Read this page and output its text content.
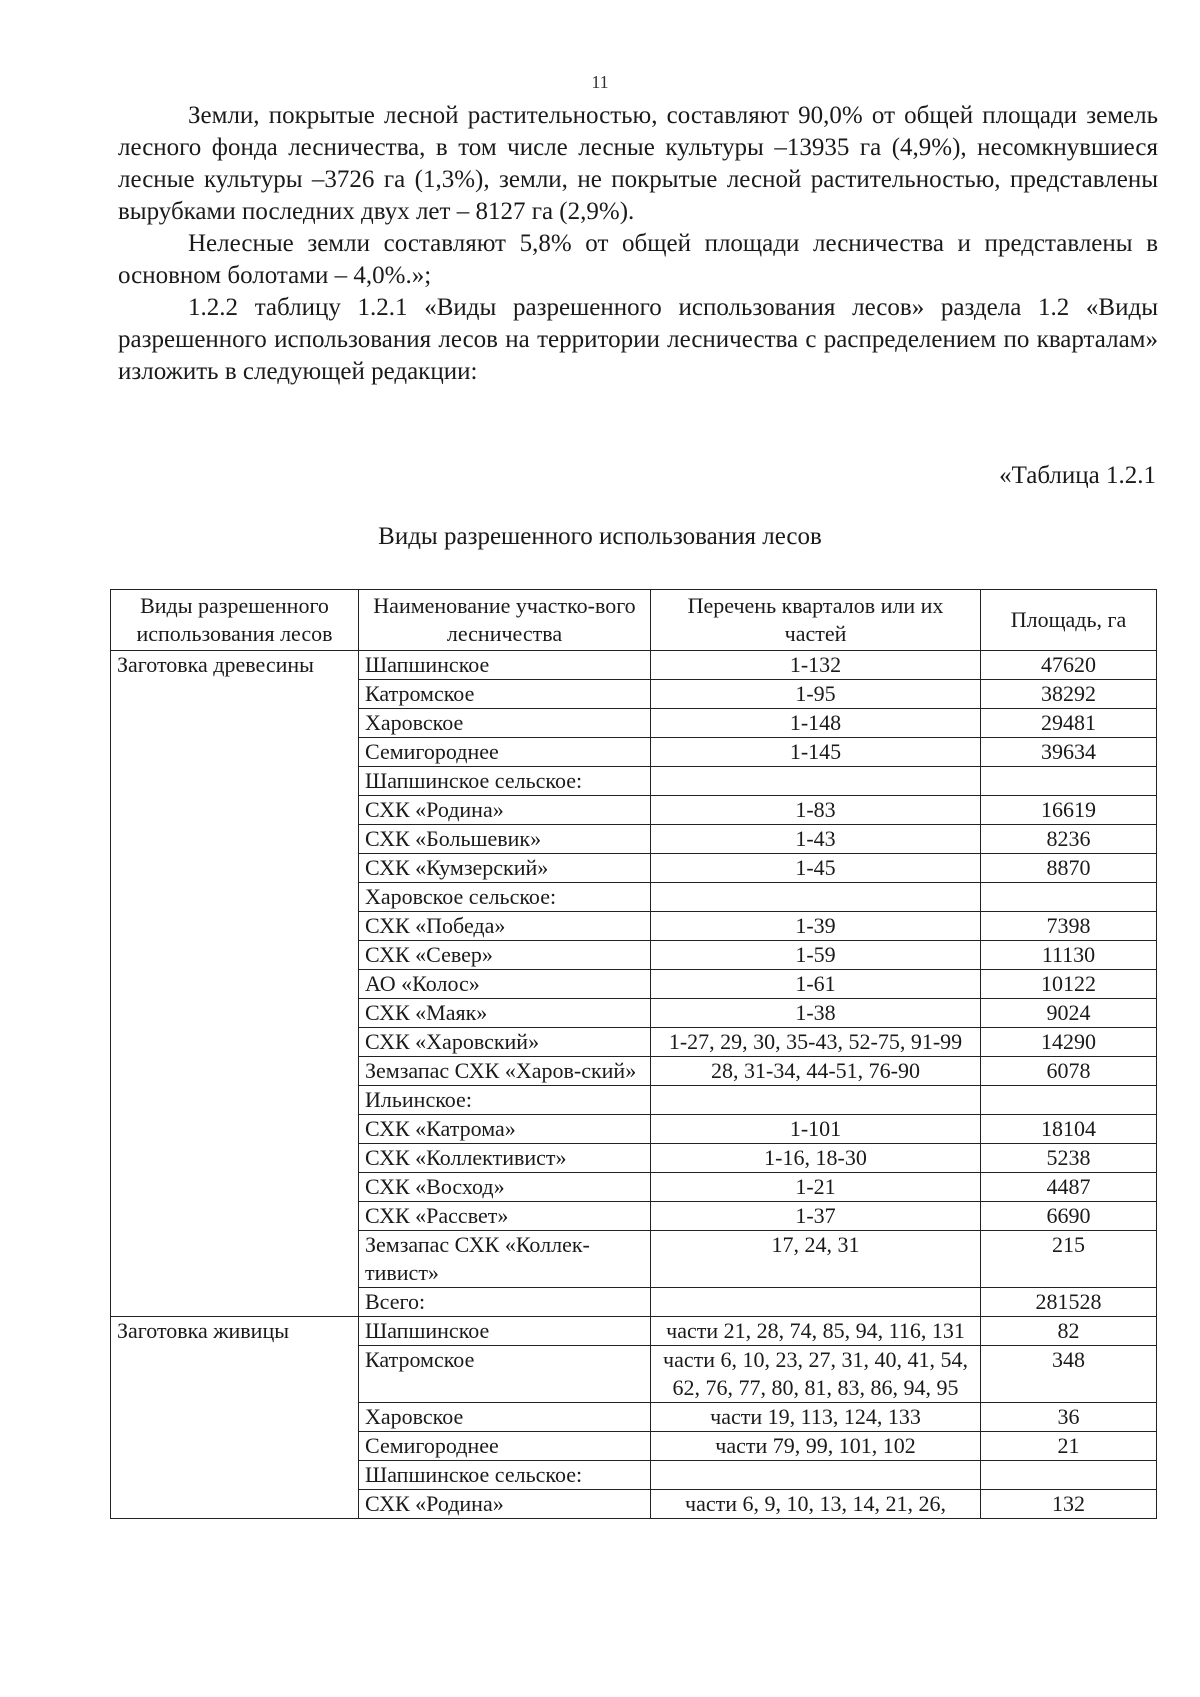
11

Земли, покрытые лесной растительностью, составляют 90,0% от общей площади земель лесного фонда лесничества, в том числе лесные культуры –13935 га (4,9%), несомкнувшиеся лесные культуры –3726 га (1,3%), земли, не покрытые лесной растительностью, представлены вырубками последних двух лет – 8127 га (2,9%).

Нелесные земли составляют 5,8% от общей площади лесничества и представлены в основном болотами – 4,0%.»;

1.2.2 таблицу 1.2.1 «Виды разрешенного использования лесов» раздела 1.2 «Виды разрешенного использования лесов на территории лесничества с распределением по кварталам» изложить в следующей редакции:

«Таблица 1.2.1
Виды разрешенного использования лесов
Виды разрешенного использования лесов	Наименование участко-вого лесничества	Перечень кварталов или их частей	Площадь, га
Заготовка древесины	Шапшинское	1-132	47620
	Катромское	1-95	38292
	Харовское	1-148	29481
	Семигороднее	1-145	39634
	Шапшинское сельское:		
	СХК «Родина»	1-83	16619
	СХК «Большевик»	1-43	8236
	СХК «Кумзерский»	1-45	8870
	Харовское сельское:		
	СХК «Победа»	1-39	7398
	СХК «Север»	1-59	11130
	АО «Колос»	1-61	10122
	СХК «Маяк»	1-38	9024
	СХК «Харовский»	1-27, 29, 30, 35-43, 52-75, 91-99	14290
	Земзапас СХК «Харов-ский»	28, 31-34, 44-51, 76-90	6078
	Ильинское:		
	СХК «Катрома»	1-101	18104
	СХК «Коллективист»	1-16, 18-30	5238
	СХК «Восход»	1-21	4487
	СХК «Рассвет»	1-37	6690
	Земзапас СХК «Коллек-тивист»	17, 24, 31	215
	Всего:		281528
Заготовка живицы	Шапшинское	части 21, 28, 74, 85, 94, 116, 131	82
	Катромское	части 6, 10, 23, 27, 31, 40, 41, 54, 62, 76, 77, 80, 81, 83, 86, 94, 95	348
	Харовское	части 19, 113, 124, 133	36
	Семигороднее	части 79, 99, 101, 102	21
	Шапшинское сельское:		
	СХК «Родина»	части 6, 9, 10, 13, 14, 21, 26,	132
